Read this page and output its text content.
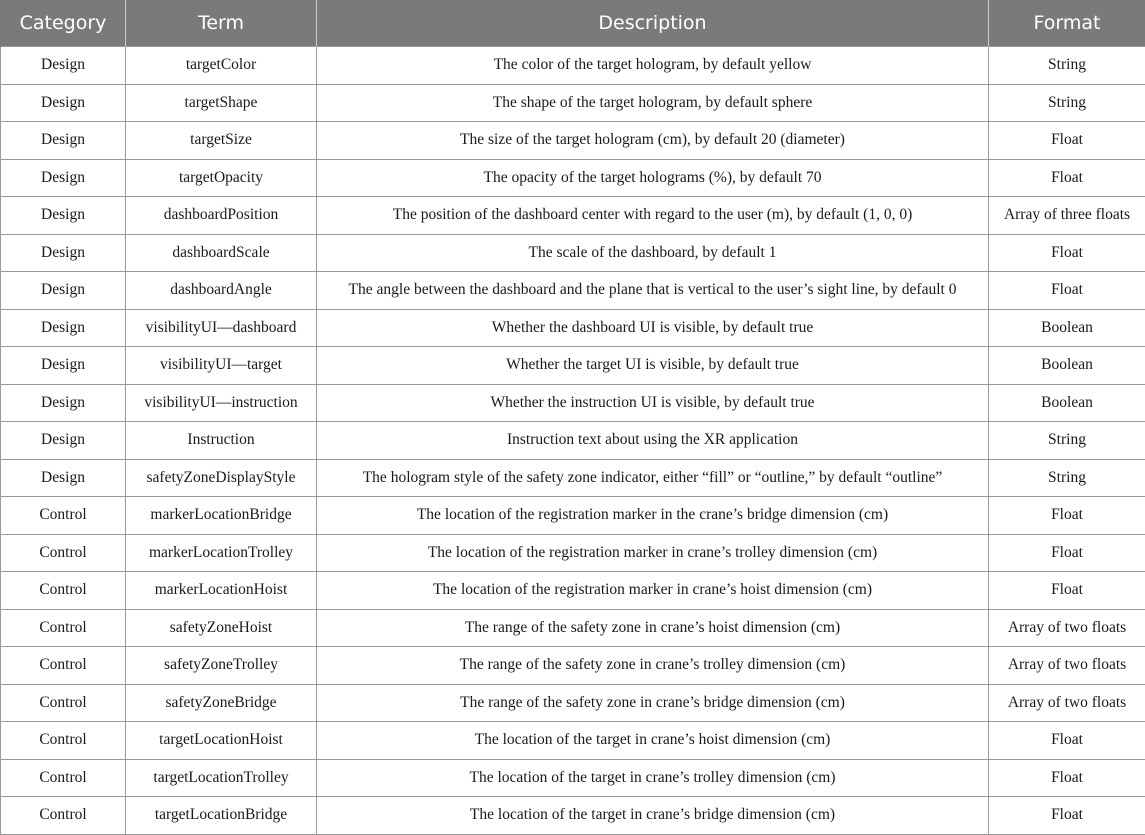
Category	Term	Description	Format
Design	targetColor	The color of the target hologram, by default yellow	String
Design	targetShape	The shape of the target hologram, by default sphere	String
Design	targetSize	The size of the target hologram (cm), by default 20 (diameter)	Float
Design	targetOpacity	The opacity of the target holograms (%), by default 70	Float
Design	dashboardPosition	The position of the dashboard center with regard to the user (m), by default (1, 0, 0)	Array of three floats
Design	dashboardScale	The scale of the dashboard, by default 1	Float
Design	dashboardAngle	The angle between the dashboard and the plane that is vertical to the user’s sight line, by default 0	Float
Design	visibilityUI—dashboard	Whether the dashboard UI is visible, by default true	Boolean
Design	visibilityUI—target	Whether the target UI is visible, by default true	Boolean
Design	visibilityUI—instruction	Whether the instruction UI is visible, by default true	Boolean
Design	Instruction	Instruction text about using the XR application	String
Design	safetyZoneDisplayStyle	The hologram style of the safety zone indicator, either “fill” or “outline,” by default “outline”	String
Control	markerLocationBridge	The location of the registration marker in the crane’s bridge dimension (cm)	Float
Control	markerLocationTrolley	The location of the registration marker in crane’s trolley dimension (cm)	Float
Control	markerLocationHoist	The location of the registration marker in crane’s hoist dimension (cm)	Float
Control	safetyZoneHoist	The range of the safety zone in crane’s hoist dimension (cm)	Array of two floats
Control	safetyZoneTrolley	The range of the safety zone in crane’s trolley dimension (cm)	Array of two floats
Control	safetyZoneBridge	The range of the safety zone in crane’s bridge dimension (cm)	Array of two floats
Control	targetLocationHoist	The location of the target in crane’s hoist dimension (cm)	Float
Control	targetLocationTrolley	The location of the target in crane’s trolley dimension (cm)	Float
Control	targetLocationBridge	The location of the target in crane’s bridge dimension (cm)	Float
